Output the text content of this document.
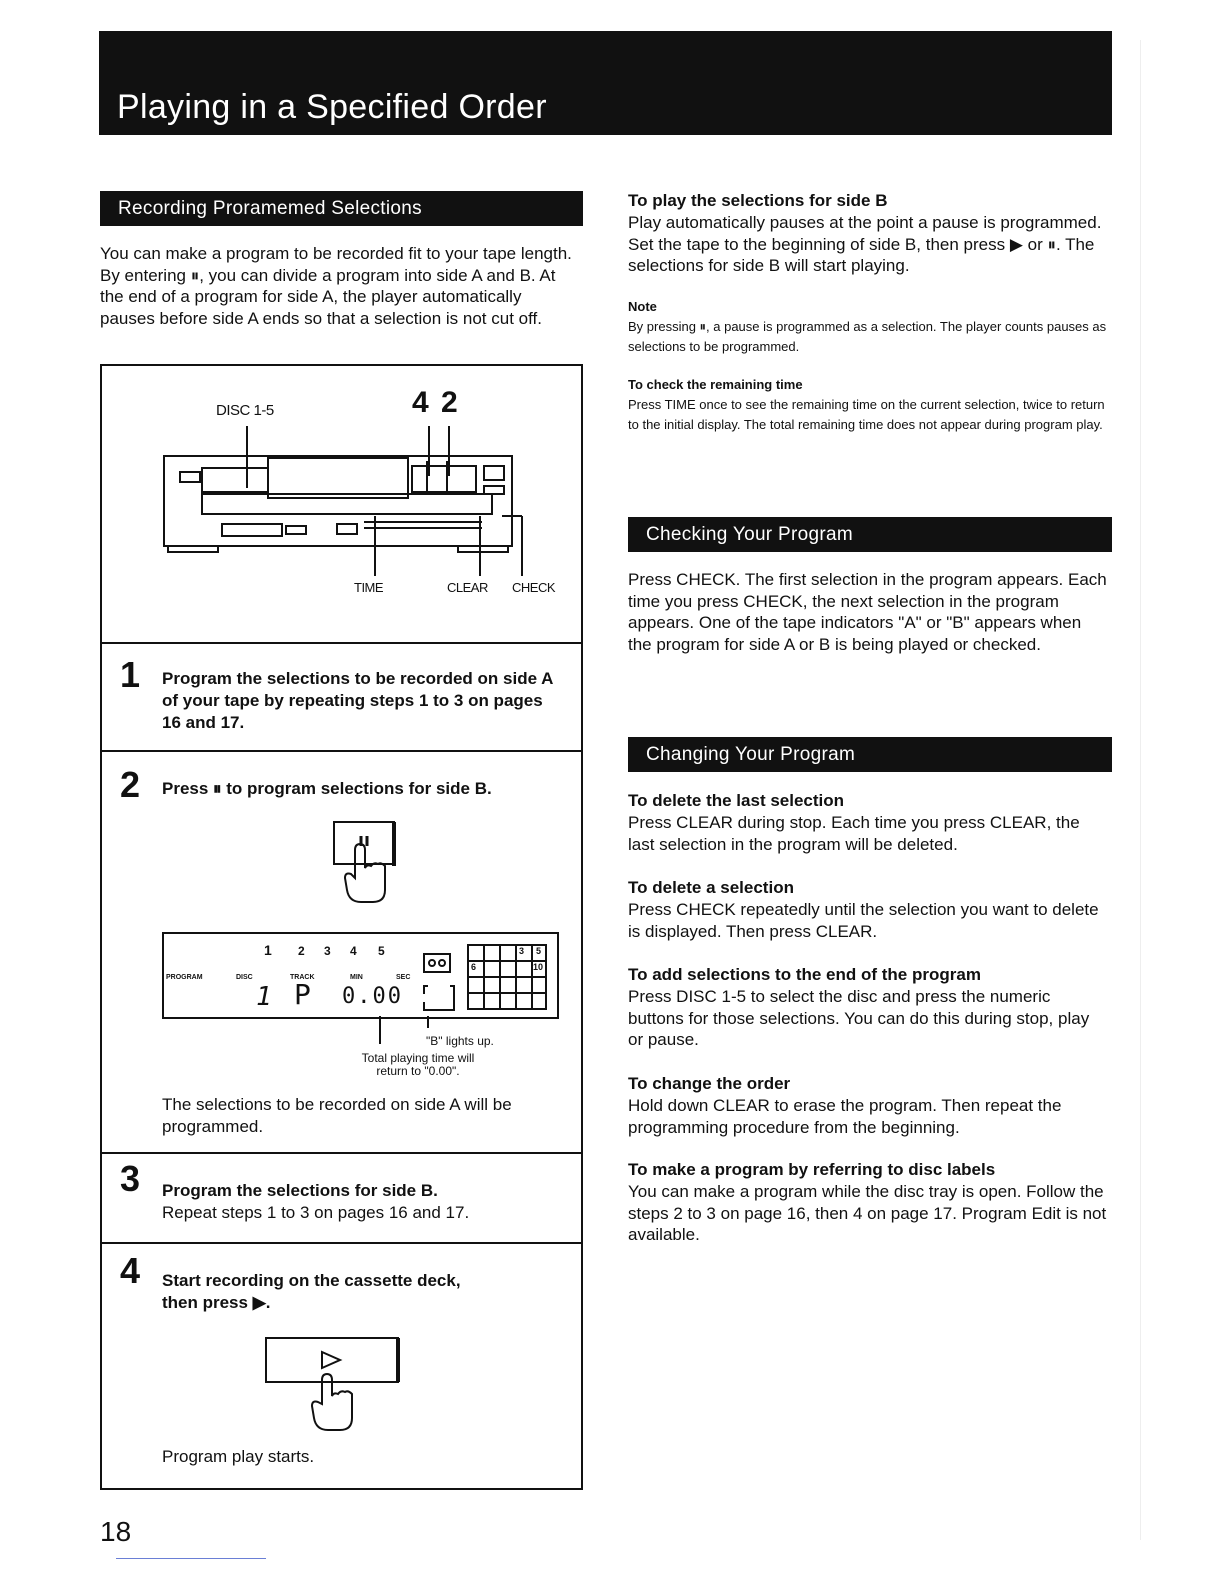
Playing in a Specified Order
Recording Proramemed Selections
You can make a program to be recorded fit to your tape length. By entering ⏸, you can divide a program into side A and B. At the end of a program for side A, the player automatically pauses before side A ends so that a selection is not cut off.
DISC 1-5	4 2
TIME	CLEAR CHECK
1 Program the selections to be recorded on side A of your tape by repeating steps 1 to 3 on pages 16 and 17.
2 Press ⏸ to program selections for side B.
PROGRAM	DISC	TRACK	MIN	SEC
1 2 3 4 5
1 P 0.00
3 5
6	10
"B" lights up.
Total playing time will return to "0.00".
The selections to be recorded on side A will be programmed.
3 Program the selections for side B.
Repeat steps 1 to 3 on pages 16 and 17.
4 Start recording on the cassette deck, then press ▶.
Program play starts.
To play the selections for side B
Play automatically pauses at the point a pause is programmed. Set the tape to the beginning of side B, then press ▶ or ⏸. The selections for side B will start playing.
Note
By pressing ⏸, a pause is programmed as a selection. The player counts pauses as selections to be programmed.
To check the remaining time
Press TIME once to see the remaining time on the current selection, twice to return to the initial display. The total remaining time does not appear during program play.
Checking Your Program
Press CHECK. The first selection in the program appears. Each time you press CHECK, the next selection in the program appears. One of the tape indicators "A" or "B" appears when the program for side A or B is being played or checked.
Changing Your Program
To delete the last selection
Press CLEAR during stop. Each time you press CLEAR, the last selection in the program will be deleted.
To delete a selection
Press CHECK repeatedly until the selection you want to delete is displayed. Then press CLEAR.
To add selections to the end of the program
Press DISC 1-5 to select the disc and press the numeric buttons for those selections. You can do this during stop, play or pause.
To change the order
Hold down CLEAR to erase the program. Then repeat the programming procedure from the beginning.
To make a program by referring to disc labels
You can make a program while the disc tray is open. Follow the steps 2 to 3 on page 16, then 4 on page 17. Program Edit is not available.
18
